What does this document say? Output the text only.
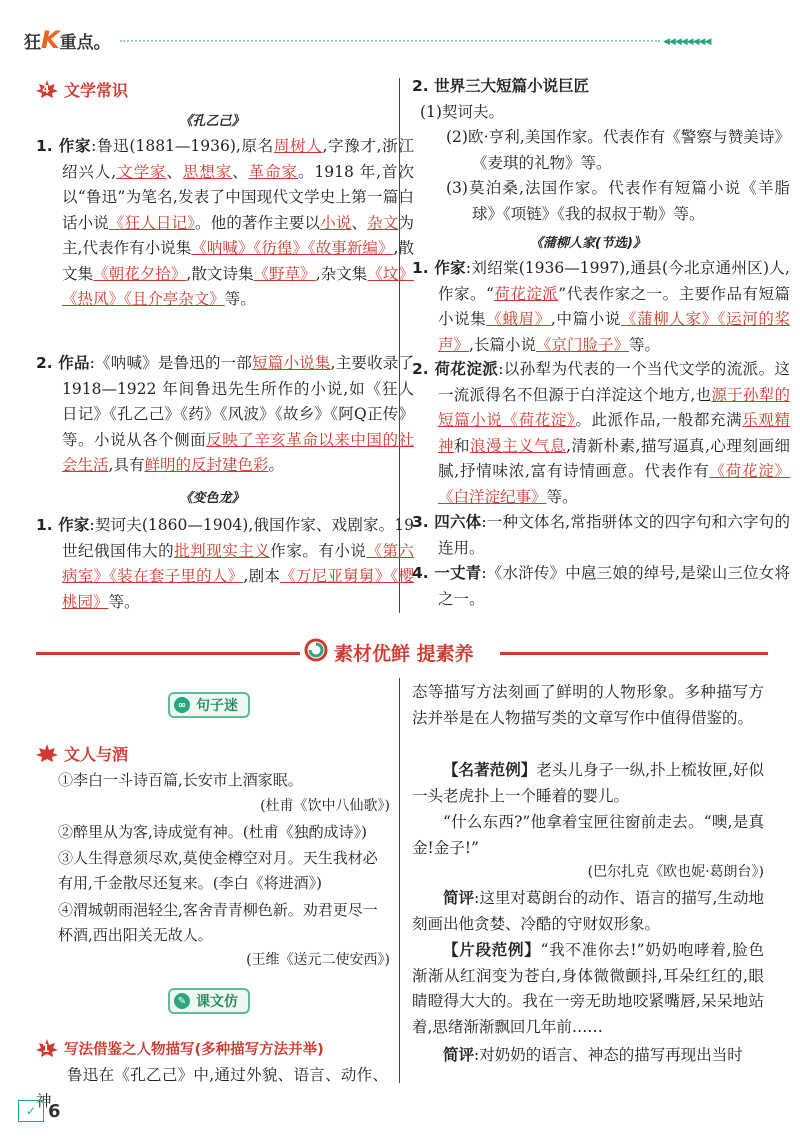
狂K重点。	◀◀◀◀◀◀◀◀
4 文学常识
《孔乙己》
1. 作家:鲁迅(1881—1936),原名周树人,字豫才,浙江绍兴人,文学家、思想家、革命家。1918 年,首次以“鲁迅”为笔名,发表了中国现代文学史上第一篇白话小说《狂人日记》。他的著作主要以小说、杂文为主,代表作有小说集《呐喊》《彷徨》《故事新编》,散文集《朝花夕拾》,散文诗集《野草》,杂文集《坟》《热风》《且介亭杂文》等。
2. 作品:《呐喊》是鲁迅的一部短篇小说集,主要收录了 1918—1922 年间鲁迅先生所作的小说,如《狂人日记》《孔乙己》《药》《风波》《故乡》《阿Q正传》等。小说从各个侧面反映了辛亥革命以来中国的社会生活,具有鲜明的反封建色彩。
《变色龙》
1. 作家:契诃夫(1860—1904),俄国作家、戏剧家。19 世纪俄国伟大的批判现实主义作家。有小说《第六病室》《装在套子里的人》,剧本《万尼亚舅舅》《樱桃园》等。
2. 世界三大短篇小说巨匠
(1)契诃夫。
(2)欧·亨利,美国作家。代表作有《警察与赞美诗》《麦琪的礼物》等。
(3)莫泊桑,法国作家。代表作有短篇小说《羊脂球》《项链》《我的叔叔于勒》等。
《蒲柳人家(节选)》
1. 作家:刘绍棠(1936—1997),通县(今北京通州区)人,作家。“荷花淀派”代表作家之一。主要作品有短篇小说集《蛾眉》,中篇小说《蒲柳人家》《运河的桨声》,长篇小说《京门脸子》等。
2. 荷花淀派:以孙犁为代表的一个当代文学的流派。这一流派得名不但源于白洋淀这个地方,也源于孙犁的短篇小说《荷花淀》。此派作品,一般都充满乐观精神和浪漫主义气息,清新朴素,描写逼真,心理刻画细腻,抒情味浓,富有诗情画意。代表作有《荷花淀》《白洋淀纪事》等。
3. 四六体:一种文体名,常指骈体文的四字句和六字句的连用。
4. 一丈青:《水浒传》中扈三娘的绰号,是梁山三位女将之一。
素材优鲜 提素养
∞ 句子迷
文人与酒
①李白一斗诗百篇,长安市上酒家眠。
(杜甫《饮中八仙歌》)
②醉里从为客,诗成觉有神。(杜甫《独酌成诗》)
③人生得意须尽欢,莫使金樽空对月。天生我材必有用,千金散尽还复来。(李白《将进酒》)
④渭城朝雨浥轻尘,客舍青青柳色新。劝君更尽一杯酒,西出阳关无故人。
(王维《送元二使安西》)
✎ 课文仿
1 写法借鉴之人物描写(多种描写方法并举)
鲁迅在《孔乙己》中,通过外貌、语言、动作、神
态等描写方法刻画了鲜明的人物形象。多种描写方法并举是在人物描写类的文章写作中值得借鉴的。
【名著范例】老头儿身子一纵,扑上梳妆匣,好似一头老虎扑上一个睡着的婴儿。
“什么东西?”他拿着宝匣往窗前走去。“噢,是真金!金子!”
(巴尔扎克《欧也妮·葛朗台》)
简评:这里对葛朗台的动作、语言的描写,生动地刻画出他贪婪、冷酷的守财奴形象。
【片段范例】“我不准你去!”奶奶咆哮着,脸色渐渐从红润变为苍白,身体微微颤抖,耳朵红红的,眼睛瞪得大大的。我在一旁无助地咬紧嘴唇,呆呆地站着,思绪渐渐飘回几年前……
简评:对奶奶的语言、神态的描写再现出当时
✓ 6
